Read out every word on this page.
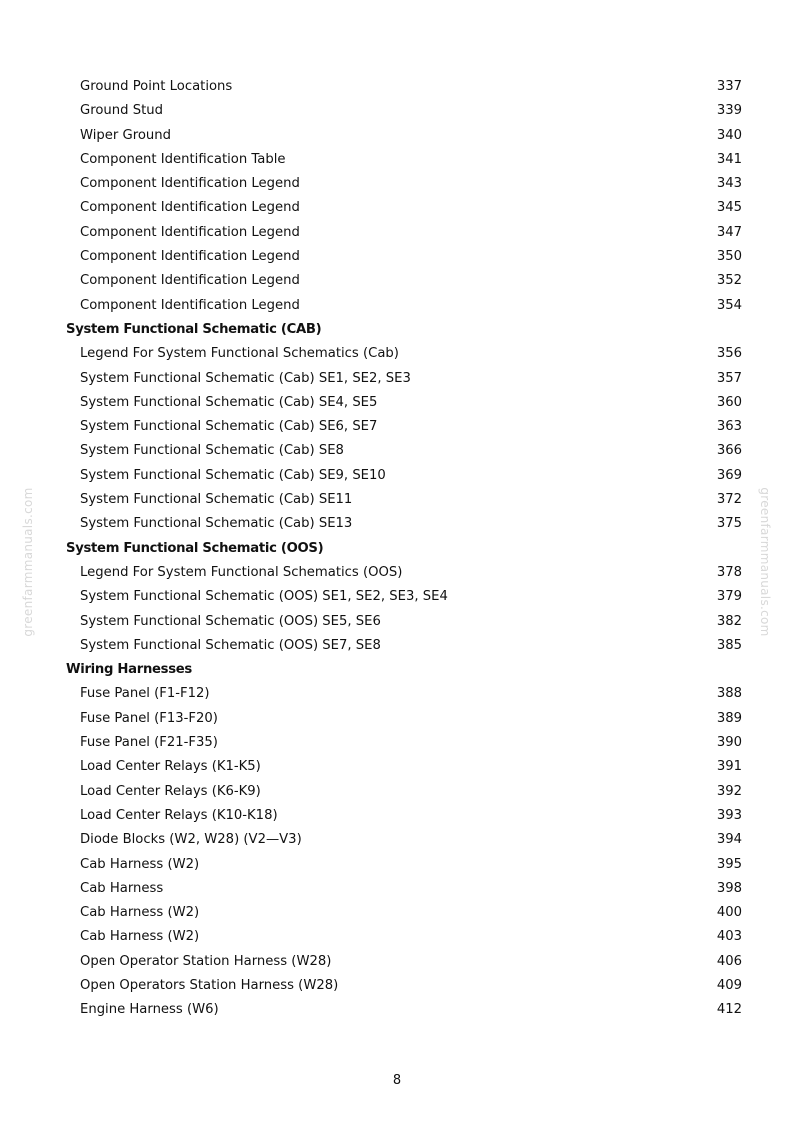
greenfarmmanuals.com	greenfarmmanuals.com
Ground Point Locations	337
Ground Stud	339
Wiper Ground	340
Component Identification Table	341
Component Identification Legend	343
Component Identification Legend	345
Component Identification Legend	347
Component Identification Legend	350
Component Identification Legend	352
Component Identification Legend	354
System Functional Schematic (CAB)
Legend For System Functional Schematics (Cab)	356
System Functional Schematic (Cab) SE1, SE2, SE3	357
System Functional Schematic (Cab) SE4, SE5	360
System Functional Schematic (Cab) SE6, SE7	363
System Functional Schematic (Cab) SE8	366
System Functional Schematic (Cab) SE9, SE10	369
System Functional Schematic (Cab) SE11	372
System Functional Schematic (Cab) SE13	375
System Functional Schematic (OOS)
Legend For System Functional Schematics (OOS)	378
System Functional Schematic (OOS) SE1, SE2, SE3, SE4	379
System Functional Schematic (OOS) SE5, SE6	382
System Functional Schematic (OOS) SE7, SE8	385
Wiring Harnesses
Fuse Panel (F1-F12)	388
Fuse Panel (F13-F20)	389
Fuse Panel (F21-F35)	390
Load Center Relays (K1-K5)	391
Load Center Relays (K6-K9)	392
Load Center Relays (K10-K18)	393
Diode Blocks (W2, W28) (V2—V3)	394
Cab Harness (W2)	395
Cab Harness	398
Cab Harness (W2)	400
Cab Harness (W2)	403
Open Operator Station Harness (W28)	406
Open Operators Station Harness (W28)	409
Engine Harness (W6)	412
8
